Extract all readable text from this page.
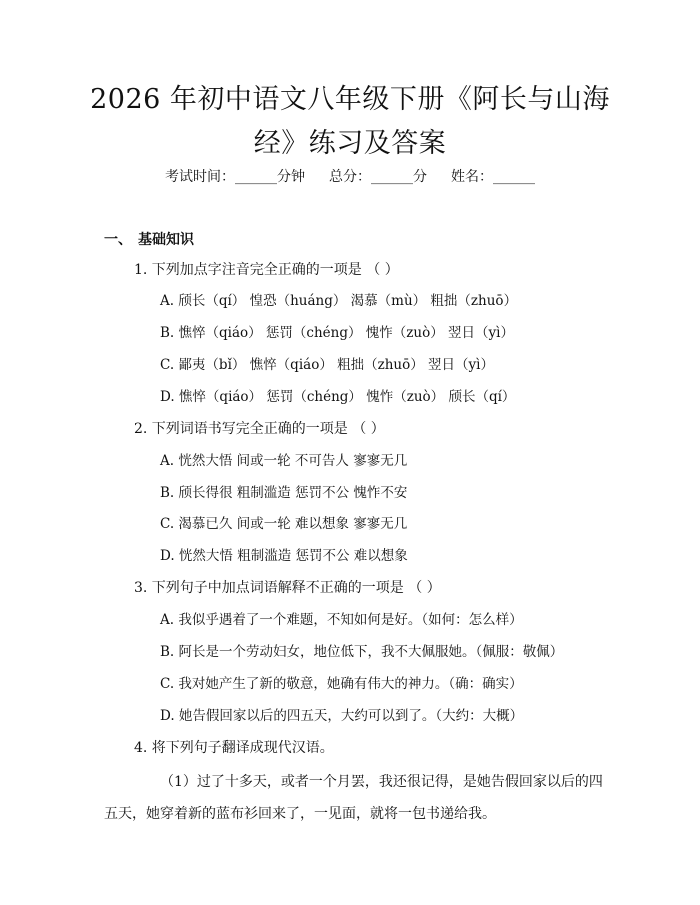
2026 年初中语文八年级下册《阿长与山海
经》练习及答案
考试时间：______分钟 总分：______分 姓名：______
一、 基础知识
1. 下列加点字注音完全正确的一项是 （ ）
A. 颀长（qí） 惶恐（huáng） 渴慕（mù） 粗拙（zhuō）
B. 憔悴（qiáo） 惩罚（chéng） 愧怍（zuò） 翌日（yì）
C. 鄙夷（bǐ） 憔悴（qiáo） 粗拙（zhuō） 翌日（yì）
D. 憔悴（qiáo） 惩罚（chéng） 愧怍（zuò） 颀长（qí）
2. 下列词语书写完全正确的一项是 （ ）
A. 恍然大悟 间或一轮 不可告人 寥寥无几
B. 颀长得很 粗制滥造 惩罚不公 愧怍不安
C. 渴慕已久 间或一轮 难以想象 寥寥无几
D. 恍然大悟 粗制滥造 惩罚不公 难以想象
3. 下列句子中加点词语解释不正确的一项是 （ ）
A. 我似乎遇着了一个难题，不知如何是好。（如何：怎么样）
B. 阿长是一个劳动妇女，地位低下，我不大佩服她。（佩服：敬佩）
C. 我对她产生了新的敬意，她确有伟大的神力。（确：确实）
D. 她告假回家以后的四五天，大约可以到了。（大约：大概）
4. 将下列句子翻译成现代汉语。
（1）过了十多天，或者一个月罢，我还很记得，是她告假回家以后的四五天，她穿着新的蓝布衫回来了，一见面，就将一包书递给我。
